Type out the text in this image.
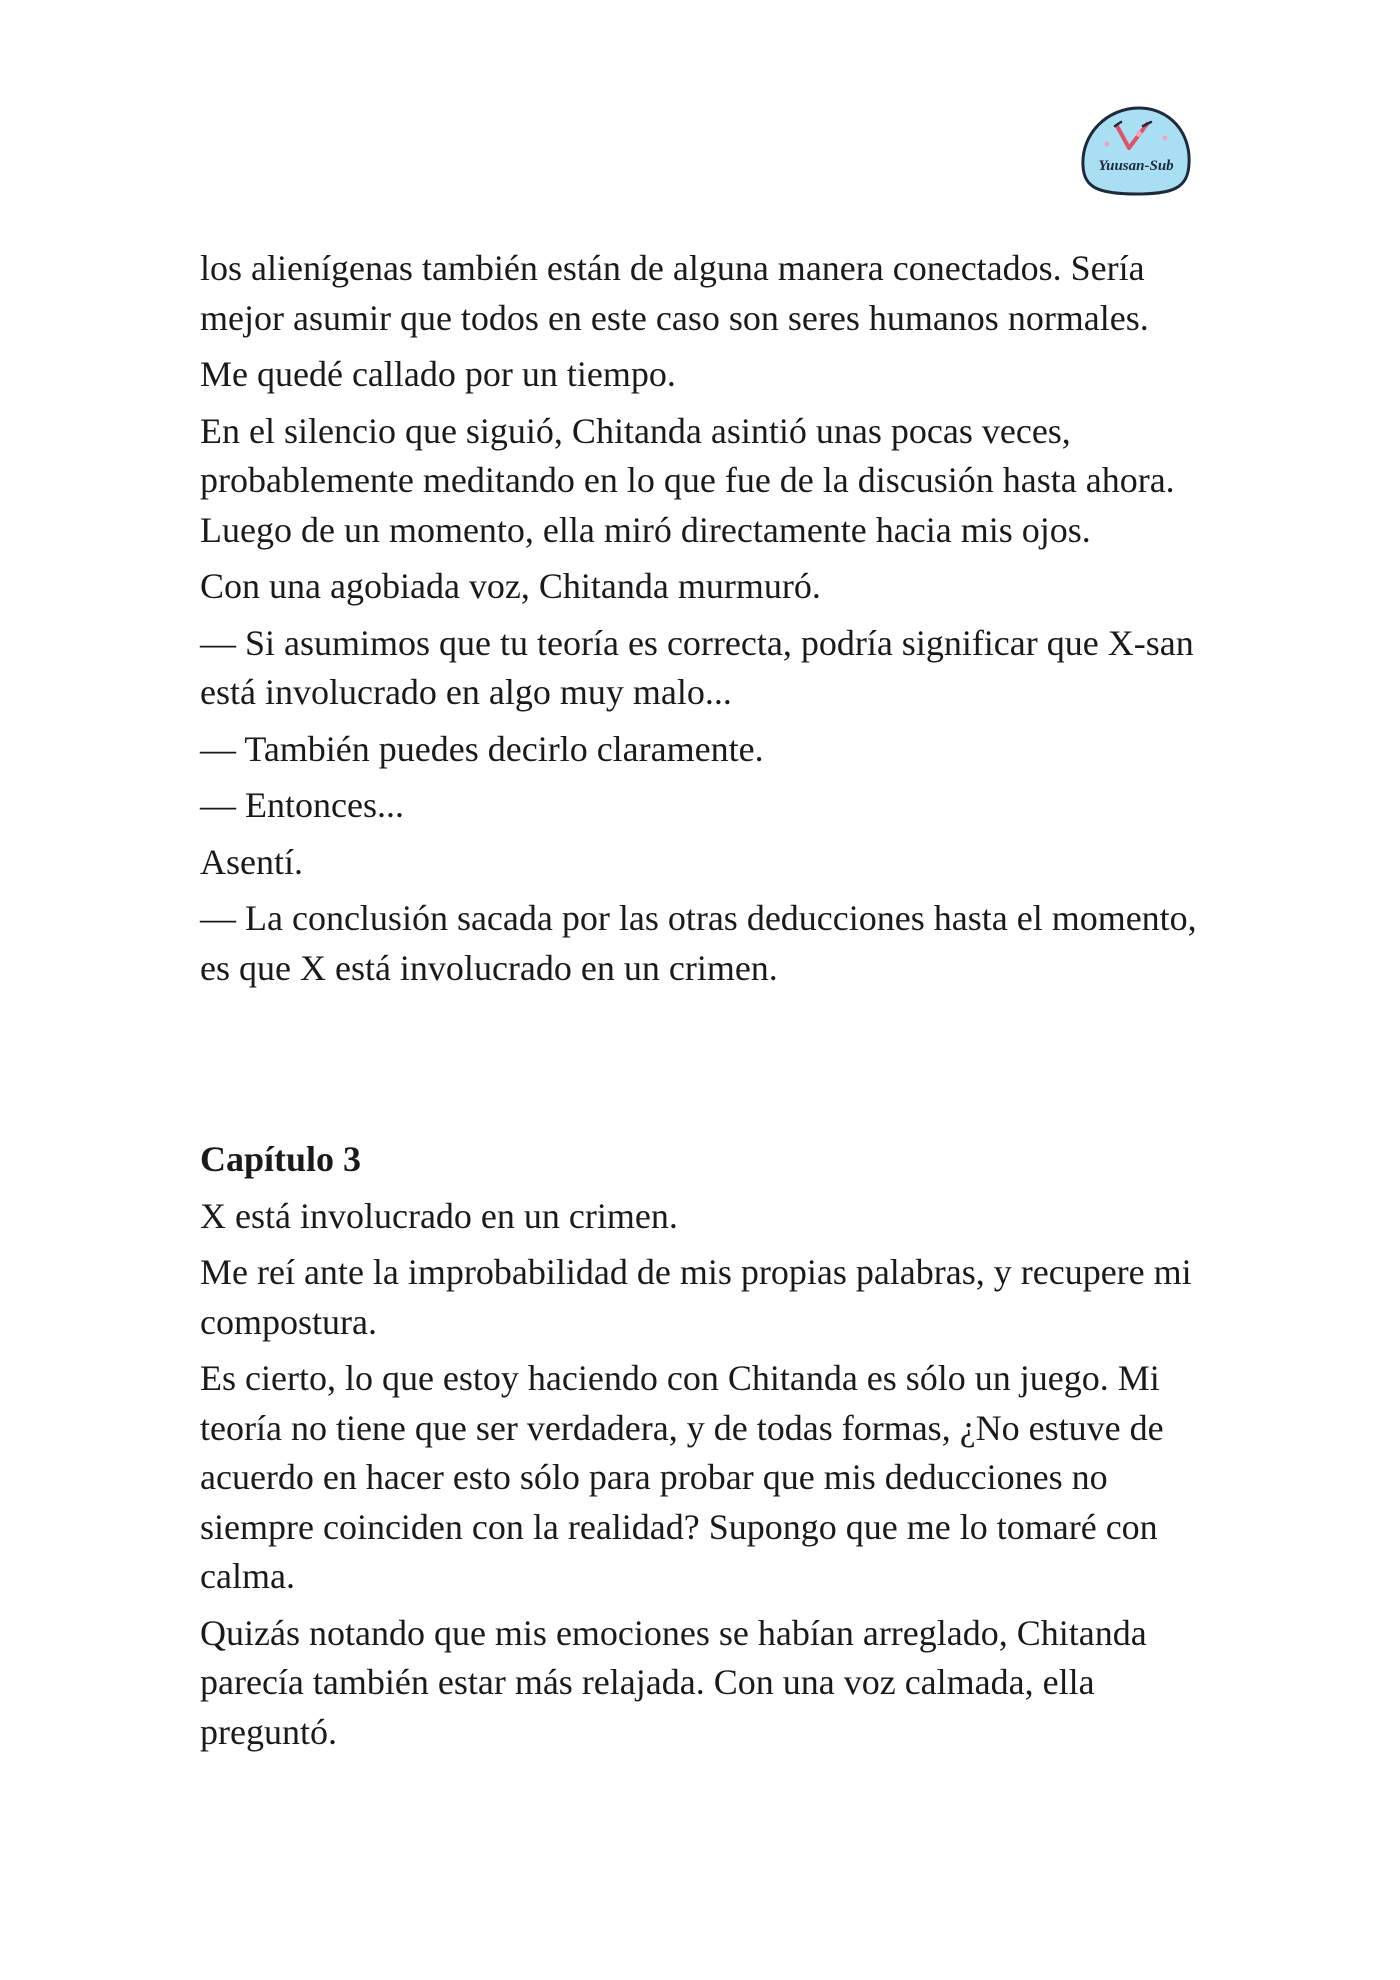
Yuusan-Sub

los alienígenas también están de alguna manera conectados. Sería mejor asumir que todos en este caso son seres humanos normales.

Me quedé callado por un tiempo.

En el silencio que siguió, Chitanda asintió unas pocas veces, probablemente meditando en lo que fue de la discusión hasta ahora. Luego de un momento, ella miró directamente hacia mis ojos.

Con una agobiada voz, Chitanda murmuró.

— Si asumimos que tu teoría es correcta, podría significar que X-san está involucrado en algo muy malo...

— También puedes decirlo claramente.

— Entonces...

Asentí.

— La conclusión sacada por las otras deducciones hasta el momento, es que X está involucrado en un crimen.

Capítulo 3

X está involucrado en un crimen.

Me reí ante la improbabilidad de mis propias palabras, y recupere mi compostura.

Es cierto, lo que estoy haciendo con Chitanda es sólo un juego. Mi teoría no tiene que ser verdadera, y de todas formas, ¿No estuve de acuerdo en hacer esto sólo para probar que mis deducciones no siempre coinciden con la realidad? Supongo que me lo tomaré con calma.

Quizás notando que mis emociones se habían arreglado, Chitanda parecía también estar más relajada. Con una voz calmada, ella preguntó.
